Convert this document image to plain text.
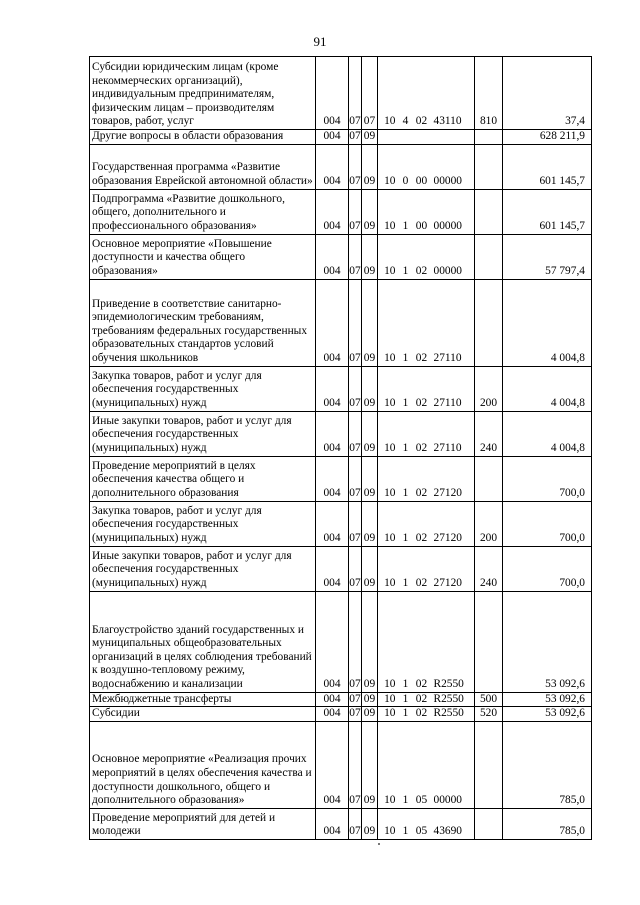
91
Субсидии юридическим лицам (кроме некоммерческих организаций), индивидуальным предпринимателям, физическим лицам – производителям товаров, работ, услуг	004	07	07	10	4	02	43110	810	37,4
Другие вопросы в области образования	004	07	09						628 211,9
Государственная программа «Развитие образования Еврейской автономной области»	004	07	09	10	0	00	00000		601 145,7
Подпрограмма «Развитие дошкольного, общего, дополнительного и профессионального образования»	004	07	09	10	1	00	00000		601 145,7
Основное мероприятие «Повышение доступности и качества общего образования»	004	07	09	10	1	02	00000		57 797,4
Приведение в соответствие санитарно-эпидемиологическим требованиям, требованиям федеральных государственных образовательных стандартов условий обучения школьников	004	07	09	10	1	02	27110		4 004,8
Закупка товаров, работ и услуг для обеспечения государственных (муниципальных) нужд	004	07	09	10	1	02	27110	200	4 004,8
Иные закупки товаров, работ и услуг для обеспечения государственных (муниципальных) нужд	004	07	09	10	1	02	27110	240	4 004,8
Проведение мероприятий в целях обеспечения качества общего и дополнительного образования	004	07	09	10	1	02	27120		700,0
Закупка товаров, работ и услуг для обеспечения государственных (муниципальных) нужд	004	07	09	10	1	02	27120	200	700,0
Иные закупки товаров, работ и услуг для обеспечения государственных (муниципальных) нужд	004	07	09	10	1	02	27120	240	700,0
Благоустройство зданий государственных и муниципальных общеобразовательных организаций в целях соблюдения требований к воздушно-тепловому режиму, водоснабжению и канализации	004	07	09	10	1	02	R2550		53 092,6
Межбюджетные трансферты	004	07	09	10	1	02	R2550	500	53 092,6
Субсидии	004	07	09	10	1	02	R2550	520	53 092,6
Основное мероприятие «Реализация прочих мероприятий в целях обеспечения качества и доступности дошкольного, общего и дополнительного образования»	004	07	09	10	1	05	00000		785,0
Проведение мероприятий для детей и молодежи	004	07	09	10	1	05	43690		785,0
